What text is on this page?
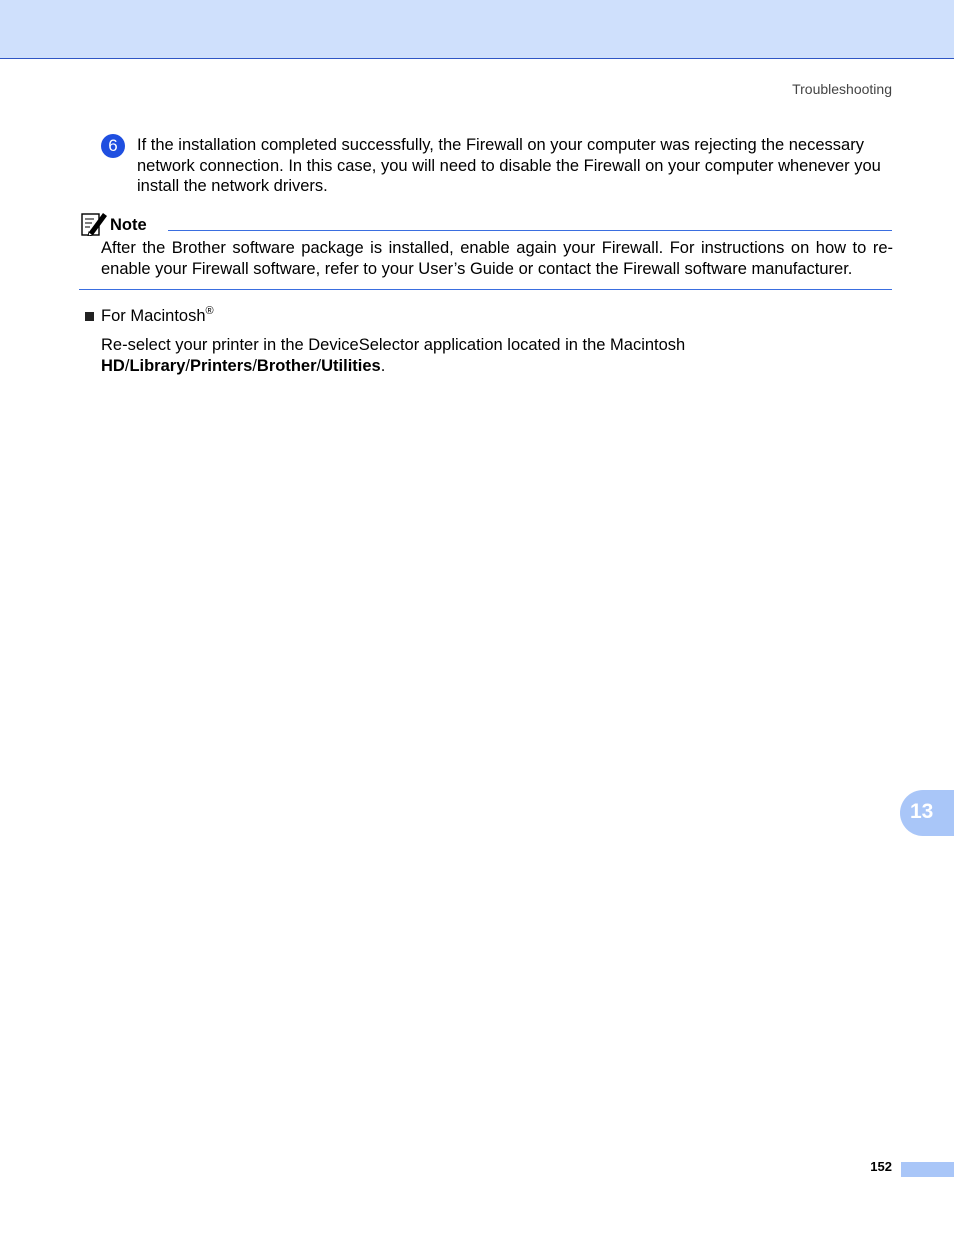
Troubleshooting
6	If the installation completed successfully, the Firewall on your computer was rejecting the necessary network connection. In this case, you will need to disable the Firewall on your computer whenever you install the network drivers.
Note
After the Brother software package is installed, enable again your Firewall. For instructions on how to re-enable your Firewall software, refer to your User’s Guide or contact the Firewall software manufacturer.
For Macintosh®
Re-select your printer in the DeviceSelector application located in the Macintosh
HD/Library/Printers/Brother/Utilities.
13
152
